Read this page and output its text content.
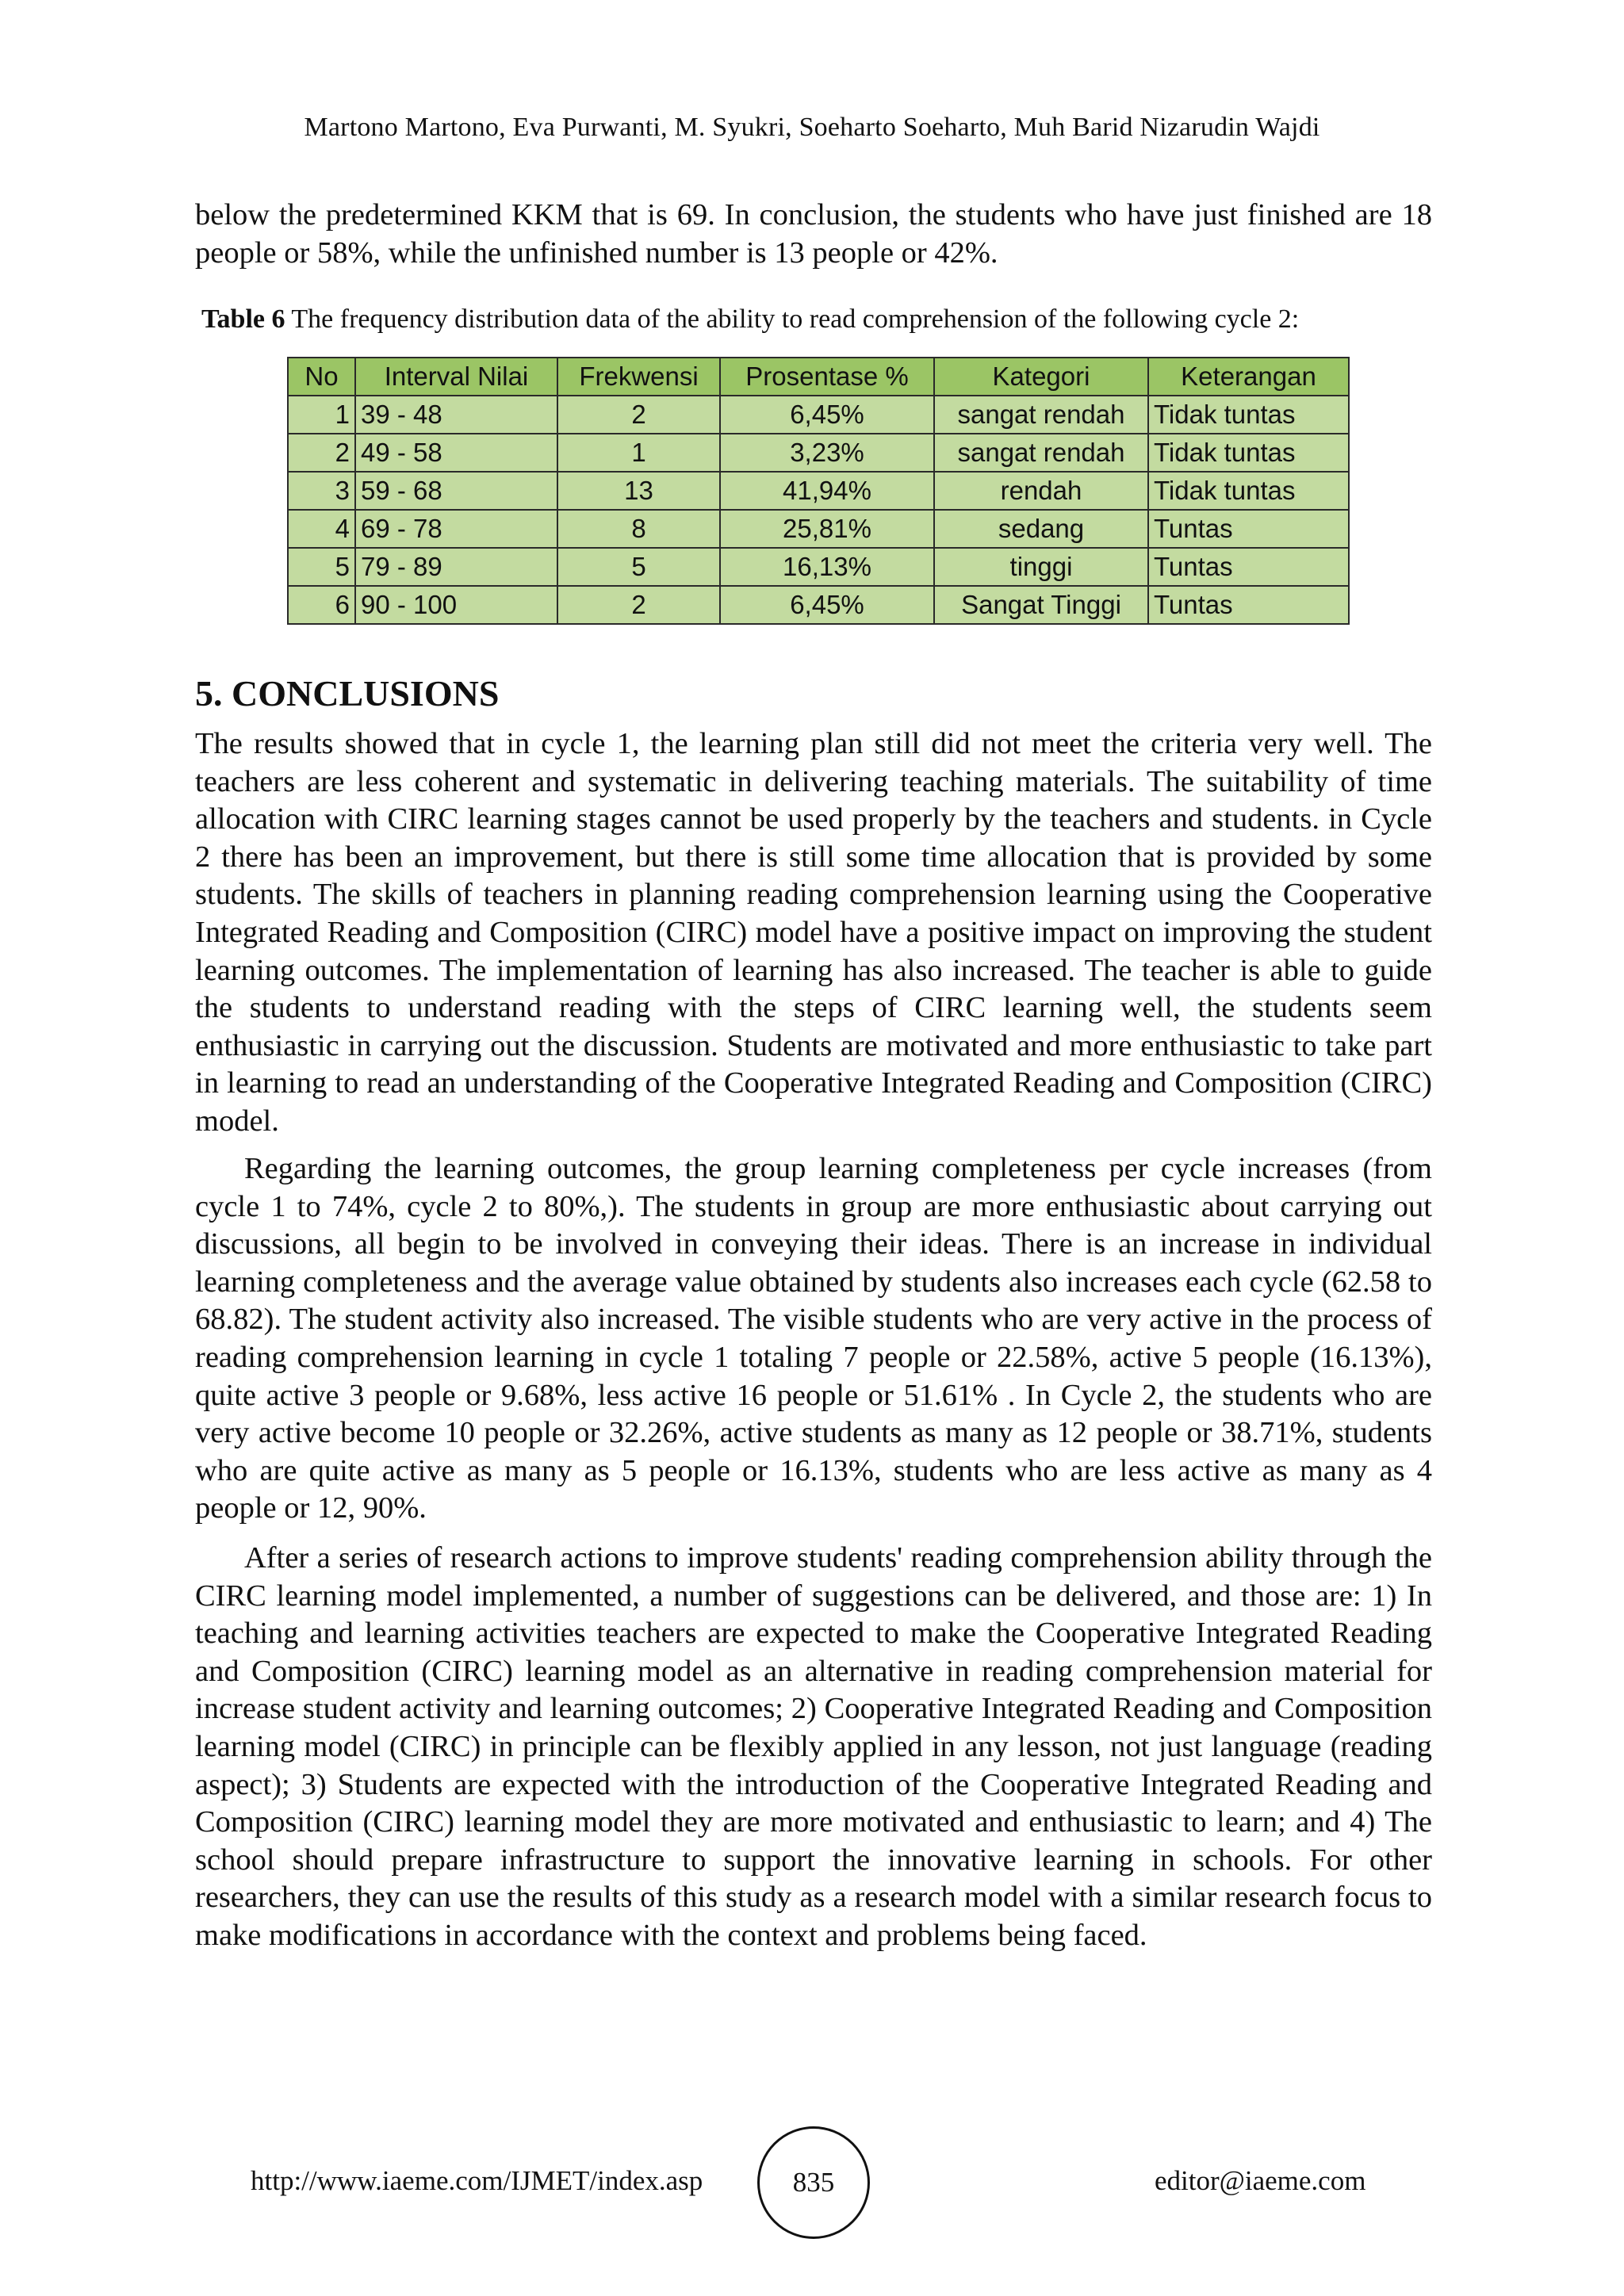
Martono Martono, Eva Purwanti, M. Syukri, Soeharto Soeharto, Muh Barid Nizarudin Wajdi

below the predetermined KKM that is 69. In conclusion, the students who have just finished are 18 people or 58%, while the unfinished number is 13 people or 42%.

Table 6 The frequency distribution data of the ability to read comprehension of the following cycle 2:
No	Interval Nilai	Frekwensi	Prosentase %	Kategori	Keterangan
1	39 - 48	2	6,45%	sangat rendah	Tidak tuntas
2	49 - 58	1	3,23%	sangat rendah	Tidak tuntas
3	59 - 68	13	41,94%	rendah	Tidak tuntas
4	69 - 78	8	25,81%	sedang	Tuntas
5	79 - 89	5	16,13%	tinggi	Tuntas
6	90 - 100	2	6,45%	Sangat Tinggi	Tuntas
5. CONCLUSIONS

The results showed that in cycle 1, the learning plan still did not meet the criteria very well. The teachers are less coherent and systematic in delivering teaching materials. The suitability of time allocation with CIRC learning stages cannot be used properly by the teachers and students. in Cycle 2 there has been an improvement, but there is still some time allocation that is provided by some students. The skills of teachers in planning reading comprehension learning using the Cooperative Integrated Reading and Composition (CIRC) model have a positive impact on improving the student learning outcomes. The implementation of learning has also increased. The teacher is able to guide the students to understand reading with the steps of CIRC learning well, the students seem enthusiastic in carrying out the discussion. Students are motivated and more enthusiastic to take part in learning to read an understanding of the Cooperative Integrated Reading and Composition (CIRC) model.

Regarding the learning outcomes, the group learning completeness per cycle increases (from cycle 1 to 74%, cycle 2 to 80%,). The students in group are more enthusiastic about carrying out discussions, all begin to be involved in conveying their ideas. There is an increase in individual learning completeness and the average value obtained by students also increases each cycle (62.58 to 68.82). The student activity also increased. The visible students who are very active in the process of reading comprehension learning in cycle 1 totaling 7 people or 22.58%, active 5 people (16.13%), quite active 3 people or 9.68%, less active 16 people or 51.61% . In Cycle 2, the students who are very active become 10 people or 32.26%, active students as many as 12 people or 38.71%, students who are quite active as many as 5 people or 16.13%, students who are less active as many as 4 people or 12, 90%.

After a series of research actions to improve students' reading comprehension ability through the CIRC learning model implemented, a number of suggestions can be delivered, and those are: 1) In teaching and learning activities teachers are expected to make the Cooperative Integrated Reading and Composition (CIRC) learning model as an alternative in reading comprehension material for increase student activity and learning outcomes; 2) Cooperative Integrated Reading and Composition learning model (CIRC) in principle can be flexibly applied in any lesson, not just language (reading aspect); 3) Students are expected with the introduction of the Cooperative Integrated Reading and Composition (CIRC) learning model they are more motivated and enthusiastic to learn; and 4) The school should prepare infrastructure to support the innovative learning in schools. For other researchers, they can use the results of this study as a research model with a similar research focus to make modifications in accordance with the context and problems being faced.

http://www.iaeme.com/IJMET/index.asp	835	editor@iaeme.com
